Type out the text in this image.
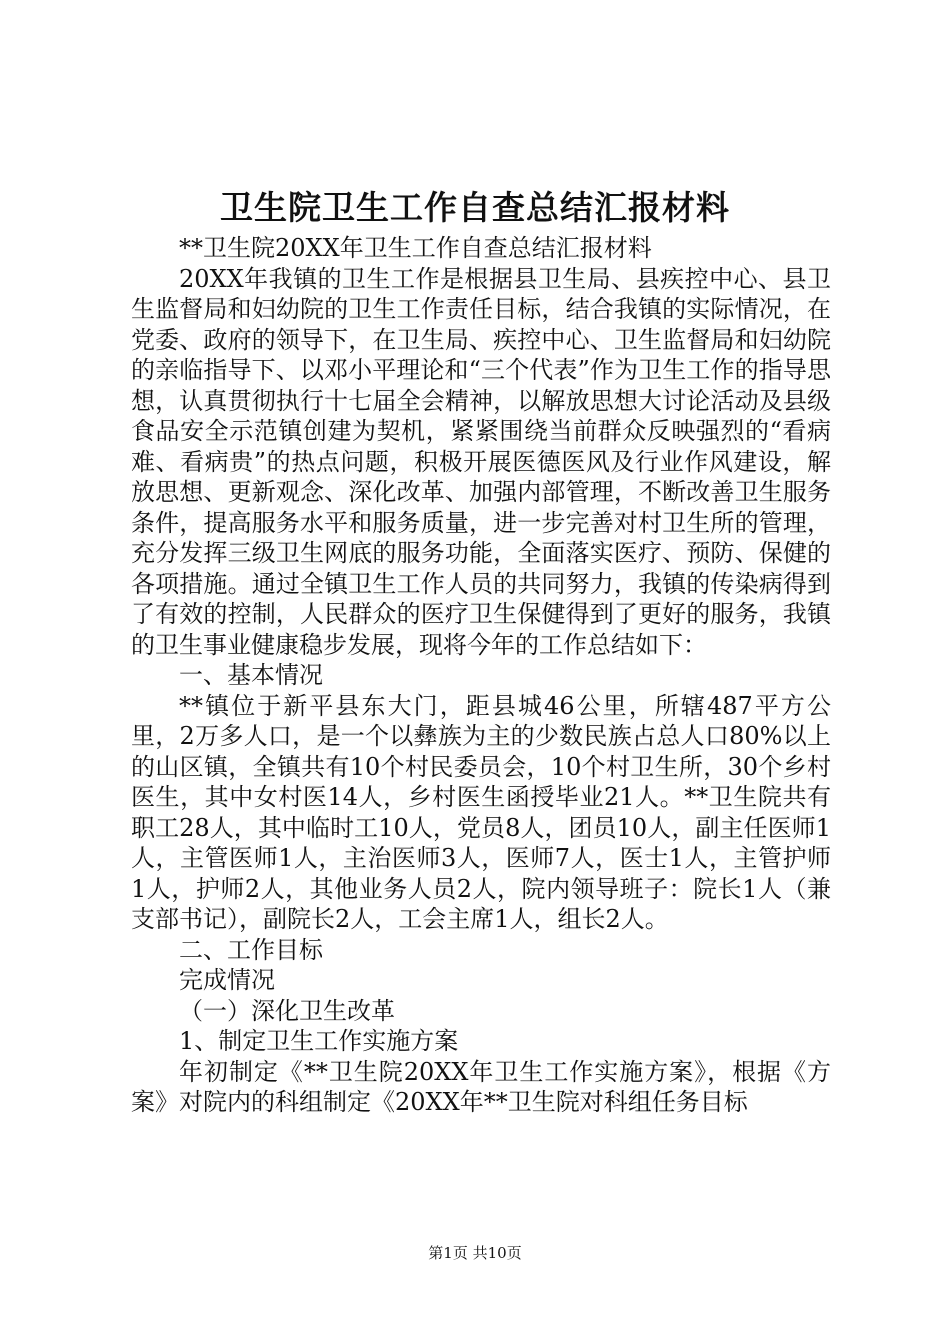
卫生院卫生工作自查总结汇报材料

**卫生院20XX年卫生工作自查总结汇报材料

20XX年我镇的卫生工作是根据县卫生局、县疾控中心、县卫生监督局和妇幼院的卫生工作责任目标，结合我镇的实际情况，在党委、政府的领导下，在卫生局、疾控中心、卫生监督局和妇幼院的亲临指导下、以邓小平理论和“三个代表”作为卫生工作的指导思想，认真贯彻执行十七届全会精神，以解放思想大讨论活动及县级食品安全示范镇创建为契机，紧紧围绕当前群众反映强烈的“看病难、看病贵”的热点问题，积极开展医德医风及行业作风建设，解放思想、更新观念、深化改革、加强内部管理，不断改善卫生服务条件，提高服务水平和服务质量，进一步完善对村卫生所的管理，充分发挥三级卫生网底的服务功能，全面落实医疗、预防、保健的各项措施。通过全镇卫生工作人员的共同努力，我镇的传染病得到了有效的控制，人民群众的医疗卫生保健得到了更好的服务，我镇的卫生事业健康稳步发展，现将今年的工作总结如下：

一、基本情况

**镇位于新平县东大门，距县城46公里，所辖487平方公里，2万多人口，是一个以彝族为主的少数民族占总人口80%以上的山区镇，全镇共有10个村民委员会，10个村卫生所，30个乡村医生，其中女村医14人，乡村医生函授毕业21人。**卫生院共有职工28人，其中临时工10人，党员8人，团员10人，副主任医师1人，主管医师1人，主治医师3人，医师7人，医士1人，主管护师1人，护师2人，其他业务人员2人，院内领导班子：院长1人（兼支部书记），副院长2人，工会主席1人，组长2人。

二、工作目标

完成情况

（一）深化卫生改革

1、制定卫生工作实施方案

年初制定《**卫生院20XX年卫生工作实施方案》，根据《方案》对院内的科组制定《20XX年**卫生院对科组任务目标

第1页 共10页
